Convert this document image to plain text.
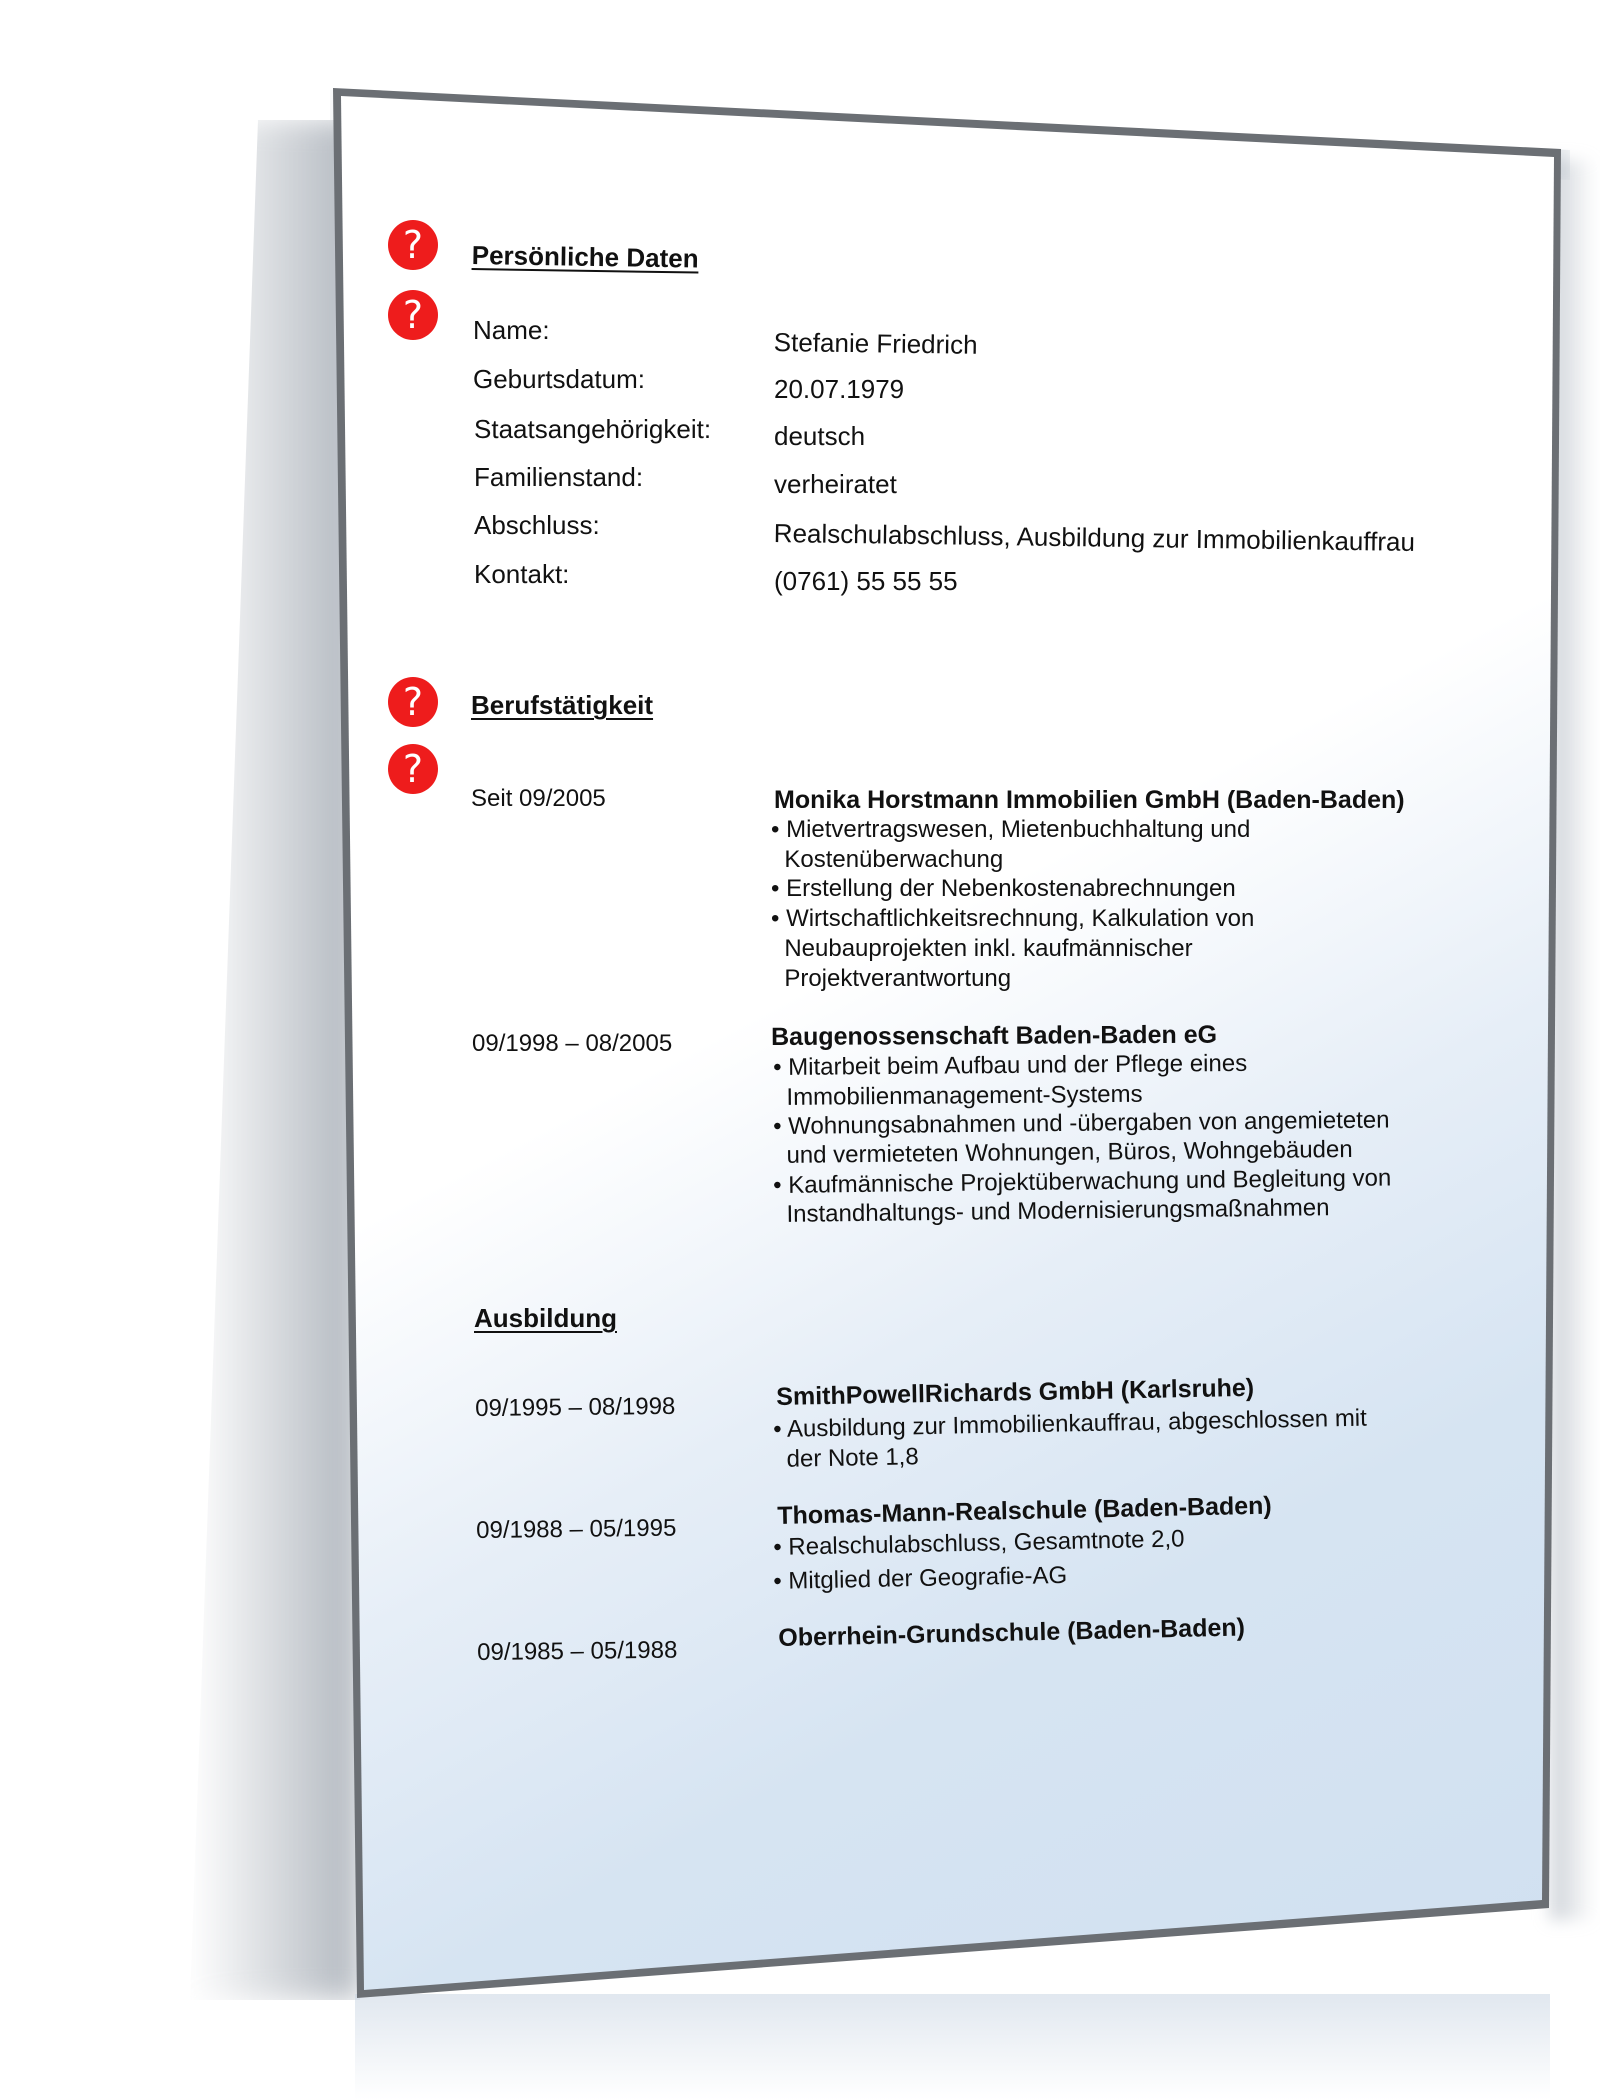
?
?
?
?
Persönliche Daten
Name:	Stefanie Friedrich
Geburtsdatum:	20.07.1979
Staatsangehörigkeit: deutsch
Familienstand:	verheiratet
Abschluss:	Realschulabschluss, Ausbildung zur Immobilienkauffrau
Kontakt:	(0761) 55 55 55
Berufstätigkeit
Seit 09/2005	Monika Horstmann Immobilien GmbH (Baden-Baden)
• Mietvertragswesen, Mietenbuchhaltung und
Kostenüberwachung
• Erstellung der Nebenkostenabrechnungen
• Wirtschaftlichkeitsrechnung, Kalkulation von
Neubauprojekten inkl. kaufmännischer
Projektverantwortung
09/1998 – 08/2005	Baugenossenschaft Baden-Baden eG
• Mitarbeit beim Aufbau und der Pflege eines
Immobilienmanagement-Systems
• Wohnungsabnahmen und -übergaben von angemieteten
und vermieteten Wohnungen, Büros, Wohngebäuden
• Kaufmännische Projektüberwachung und Begleitung von
Instandhaltungs- und Modernisierungsmaßnahmen
Ausbildung
09/1995 – 08/1998	SmithPowellRichards GmbH (Karlsruhe)
• Ausbildung zur Immobilienkauffrau, abgeschlossen mit
der Note 1,8
09/1988 – 05/1995	Thomas-Mann-Realschule (Baden-Baden)
• Realschulabschluss, Gesamtnote 2,0
• Mitglied der Geografie-AG
09/1985 – 05/1988	Oberrhein-Grundschule (Baden-Baden)
